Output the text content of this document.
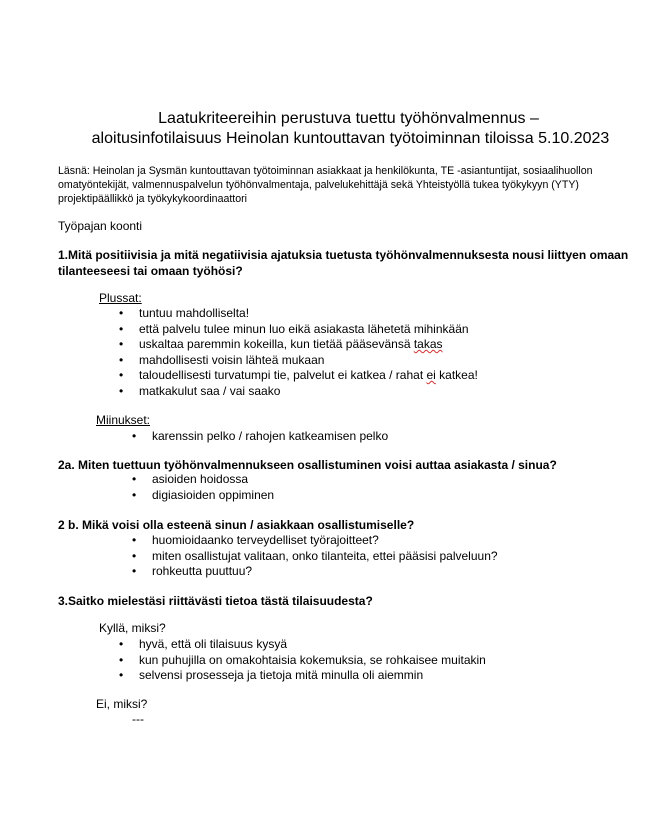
Laatukriteereihin perustuva tuettu työhönvalmennus –
aloitusinfotilaisuus Heinolan kuntouttavan työtoiminnan tiloissa 5.10.2023
Läsnä: Heinolan ja Sysmän kuntouttavan työtoiminnan asiakkaat ja henkilökunta, TE -asiantuntijat, sosiaalihuollon omatyöntekijät, valmennuspalvelun työhönvalmentaja, palvelukehittäjä sekä Yhteistyöllä tukea työkykyyn (YTY) projektipäällikkö ja työkykykoordinaattori
Työpajan koonti
1.Mitä positiivisia ja mitä negatiivisia ajatuksia tuetusta työhönvalmennuksesta nousi liittyen omaan tilanteeseesi tai omaan työhösi?
Plussat:
• tuntuu mahdolliselta!
• että palvelu tulee minun luo eikä asiakasta lähetetä mihinkään
• uskaltaa paremmin kokeilla, kun tietää pääsevänsä takas
• mahdollisesti voisin lähteä mukaan
• taloudellisesti turvatumpi tie, palvelut ei katkea / rahat ei katkea!
• matkakulut saa / vai saako
Miinukset:
• karenssin pelko / rahojen katkeamisen pelko
2a. Miten tuettuun työhönvalmennukseen osallistuminen voisi auttaa asiakasta / sinua?
• asioiden hoidossa
• digiasioiden oppiminen
2 b. Mikä voisi olla esteenä sinun / asiakkaan osallistumiselle?
• huomioidaanko terveydelliset työrajoitteet?
• miten osallistujat valitaan, onko tilanteita, ettei pääsisi palveluun?
• rohkeutta puuttuu?
3.Saitko mielestäsi riittävästi tietoa tästä tilaisuudesta?
Kyllä, miksi?
• hyvä, että oli tilaisuus kysyä
• kun puhujilla on omakohtaisia kokemuksia, se rohkaisee muitakin
• selvensi prosesseja ja tietoja mitä minulla oli aiemmin
Ei, miksi?
---
